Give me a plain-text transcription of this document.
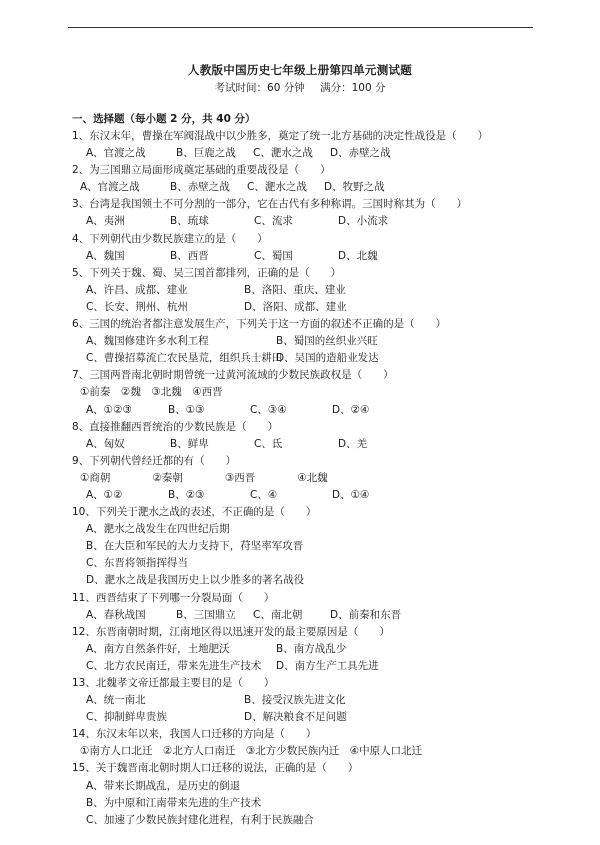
人教版中国历史七年级上册第四单元测试题
考试时间：60 分钟 满分：100 分
一、选择题（每小题 2 分，共 40 分）
1、东汉末年，曹操在军阀混战中以少胜多，奠定了统一北方基础的决定性战役是（　　）
A、官渡之战	B、巨鹿之战 C、淝水之战 D、赤壁之战
2、为三国鼎立局面形成奠定基础的重要战役是（　　）
A、官渡之战	B、赤壁之战 C、淝水之战 D、牧野之战
3、台湾是我国领土不可分割的一部分，它在古代有多种称谓。三国时称其为（　　）
A、夷洲	B、琉球	C、流求	D、小流求
4、下列朝代由少数民族建立的是（　　）
A、魏国	B、西晋	C、蜀国	D、北魏
5、下列关于魏、蜀、吴三国首都排列，正确的是（　　）
A、许昌、成都、建业	B、洛阳、重庆、建业
C、长安、荆州、杭州	D、洛阳、成都、建业
6、三国的统治者都注意发展生产，下列关于这一方面的叙述不正确的是（　　）
A、魏国修建许多水利工程	B、蜀国的丝织业兴旺
C、曹操招募流亡农民垦荒，组织兵士耕田D、吴国的造船业发达
7、三国两晋南北朝时期曾统一过黄河流域的少数民族政权是（　　）
①前秦　②魏　③北魏　④西晋
A、①②③	B、①③	C、③④	D、②④
8、直接推翻西晋统治的少数民族是（　　）
A、匈奴	B、鲜卑	C、氐	D、羌
9、下列朝代曾经迁都的有（　　）
①商朝　　　　②秦朝　　　　③西晋　　　　④北魏
A、①②	B、②③	C、④	D、①④
10、下列关于淝水之战的表述，不正确的是（　　）
A、淝水之战发生在四世纪后期
B、在大臣和军民的大力支持下，苻坚率军攻晋
C、东晋将领指挥得当
D、淝水之战是我国历史上以少胜多的著名战役
11、西晋结束了下列哪一分裂局面（　　）
A、春秋战国	B、三国鼎立 C、南北朝	D、前秦和东晋
12、东晋南朝时期，江南地区得以迅速开发的最主要原因是（　　）
A、南方自然条件好，土地肥沃	B、南方战乱少
C、北方农民南迁，带来先进生产技术 D、南方生产工具先进
13、北魏孝文帝迁都最主要目的是（　　）
A、统一南北	B、接受汉族先进文化
C、抑制鲜卑贵族	D、解决粮食不足问题
14、东汉末年以来，我国人口迁移的方向是（　　）
①南方人口北迁　②北方人口南迁　③北方少数民族内迁　④中原人口北迁
15、关于魏晋南北朝时期人口迁移的说法，正确的是（　　）
A、带来长期战乱，是历史的倒退
B、为中原和江南带来先进的生产技术
C、加速了少数民族封建化进程，有利于民族融合
